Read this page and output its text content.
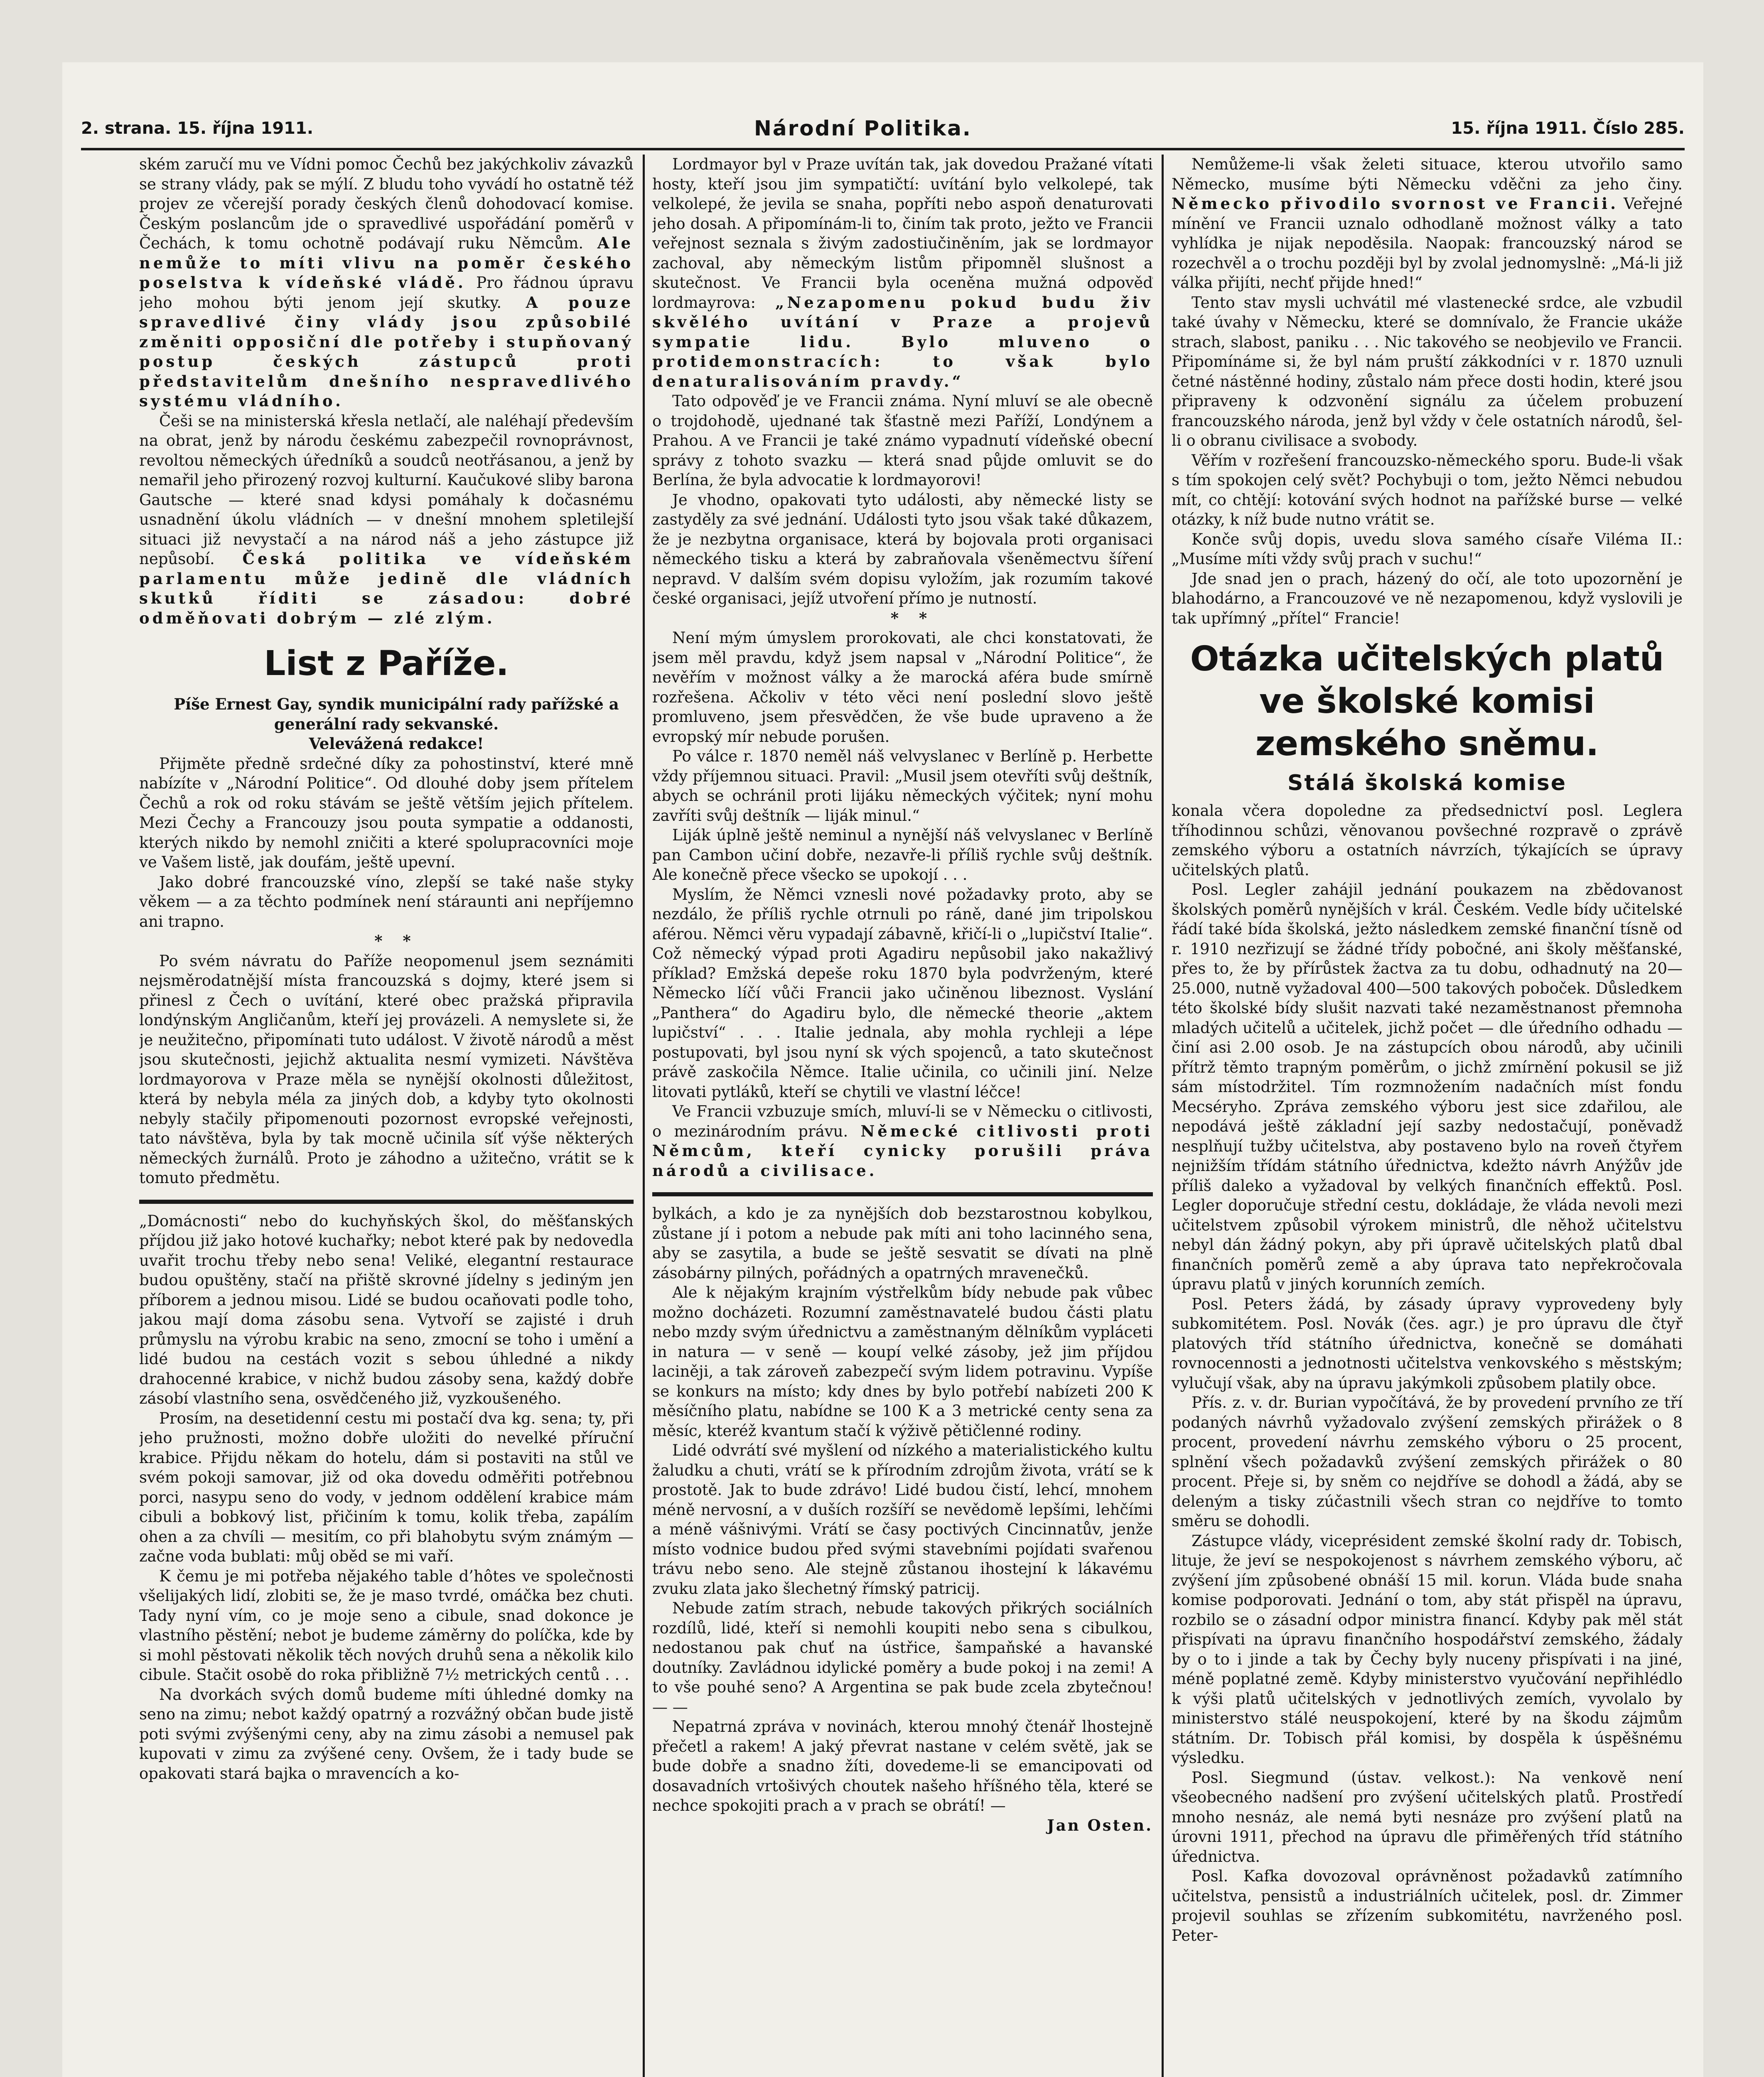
2. strana. 15. října 1911.	Národní Politika.	15. října 1911. Číslo 285.

ském zaručí mu ve Vídni pomoc Čechů bez jakýchkoliv závazků se strany vlády, pak se mýlí. Z bludu toho vyvádí ho ostatně též projev ze včerejší porady českých členů dohodovací komise. Českým poslancům jde o spravedlivé uspořádání poměrů v Čechách, k tomu ochotně podávají ruku Němcům. Ale nemůže to míti vlivu na poměr českého poselstva k vídeňské vládě. Pro řádnou úpravu jeho mohou býti jenom její skutky. A pouze spravedlivé činy vlády jsou způsobilé změniti opposiční dle potřeby i stupňovaný postup českých zástupců proti představitelům dnešního nespravedlivého systému vládního.

Češi se na ministerská křesla netlačí, ale naléhají především na obrat, jenž by národu českému zabezpečil rovnoprávnost, revoltou německých úředníků a soudců neotřásanou, a jenž by nemařil jeho přirozený rozvoj kulturní. Kaučukové sliby barona Gautsche — které snad kdysi pomáhaly k dočasnému usnadnění úkolu vládních — v dnešní mnohem spletilejší situaci již nevystačí a na národ náš a jeho zástupce již nepůsobí. Česká politika ve vídeňském parlamentu může jedině dle vládních skutků říditi se zásadou: dobré odměňovati dobrým — zlé zlým.

List z Paříže.

Píše Ernest Gay, syndik municipální rady pařížské a generální rady sekvanské.

Velevážená redakce!

Přijměte předně srdečné díky za pohostinství, které mně nabízíte v „Národní Politice“. Od dlouhé doby jsem přítelem Čechů a rok od roku stávám se ještě větším jejich přítelem. Mezi Čechy a Francouzy jsou pouta sympatie a oddanosti, kterých nikdo by nemohl zničiti a které spolupracovníci moje ve Vašem listě, jak doufám, ještě upevní.

Jako dobré francouzské víno, zlepší se také naše styky věkem — a za těchto podmínek není stáraunti ani nepříjemno ani trapno.

* *

Po svém návratu do Paříže neopomenul jsem seznámiti nejsměrodatnější místa francouzská s dojmy, které jsem si přinesl z Čech o uvítání, které obec pražská připravila londýnským Angličanům, kteří jej provázeli. A nemyslete si, že je neužitečno, připomínati tuto událost. V životě národů a měst jsou skutečnosti, jejichž aktualita nesmí vymizeti. Návštěva lordmayorova v Praze měla se nynější okolnosti důležitost, která by nebyla méla za jiných dob, a kdyby tyto okolnosti nebyly stačily připomenouti pozornost evropské veřejnosti, tato návštěva, byla by tak mocně učinila síť výše některých německých žurnálů. Proto je záhodno a užitečno, vrátit se k tomuto předmětu.

„Domácnosti“ nebo do kuchyňských škol, do měšťanských příjdou již jako hotové kuchařky; nebot které pak by nedovedla uvařit trochu třeby nebo sena! Veliké, elegantní restaurace budou opuštěny, stačí na přiště skrovné jídelny s jediným jen příborem a jednou misou. Lidé se budou ocaňovati podle toho, jakou mají doma zásobu sena. Vytvoří se zajisté i druh průmyslu na výrobu krabic na seno, zmocní se toho i umění a lidé budou na cestách vozit s sebou úhledné a nikdy drahocenné krabice, v nichž budou zásoby sena, každý dobře zásobí vlastního sena, osvědčeného již, vyzkoušeného.

Prosím, na desetidenní cestu mi postačí dva kg. sena; ty, při jeho pružnosti, možno dobře uložiti do nevelké příruční krabice. Přijdu někam do hotelu, dám si postaviti na stůl ve svém pokoji samovar, již od oka dovedu odměřiti potřebnou porci, nasypu seno do vody, v jednom oddělení krabice mám cibuli a bobkový list, přičiním k tomu, kolik třeba, zapálím ohen a za chvíli — mesitím, co při blahobytu svým známým — začne voda bublati: můj oběd se mi vaří.

K čemu je mi potřeba nějakého table d’hôtes ve společnosti všelijakých lidí, zlobiti se, že je maso tvrdé, omáčka bez chuti. Tady nyní vím, co je moje seno a cibule, snad dokonce je vlastního pěstění; nebot je budeme záměrny do políčka, kde by si mohl pěstovati několik těch nových druhů sena a několik kilo cibule. Stačit osobě do roka přibližně 7½ metrických centů . . .

Na dvorkách svých domů budeme míti úhledné domky na seno na zimu; nebot každý opatrný a rozvážný občan bude jistě poti svými zvýšenými ceny, aby na zimu zásobi a nemusel pak kupovati v zimu za zvýšené ceny. Ovšem, že i tady bude se opakovati stará bajka o mravencích a ko-

Lordmayor byl v Praze uvítán tak, jak dovedou Pražané vítati hosty, kteří jsou jim sympatičtí: uvítání bylo velkolepé, tak velkolepé, že jevila se snaha, popříti nebo aspoň denaturovati jeho dosah. A připomínám-li to, činím tak proto, ježto ve Francii veřejnost seznala s živým zadostiučiněním, jak se lordmayor zachoval, aby německým listům připomněl slušnost a skutečnost. Ve Francii byla oceněna mužná odpověď lordmayrova: „Nezapomenu pokud budu živ skvělého uvítání v Praze a projevů sympatie lidu. Bylo mluveno o protidemonstracích: to však bylo denaturalisováním pravdy.“

Tato odpověď je ve Francii známa. Nyní mluví se ale obecně o trojdohodě, ujednané tak šťastně mezi Paříží, Londýnem a Prahou. A ve Francii je také známo vypadnutí vídeňské obecní správy z tohoto svazku — která snad půjde omluvit se do Berlína, že byla advocatie k lordmayorovi!

Je vhodno, opakovati tyto události, aby německé listy se zastyděly za své jednání. Události tyto jsou však také důkazem, že je nezbytna organisace, která by bojovala proti organisaci německého tisku a která by zabraňovala všeněmectvu šíření nepravd. V dalším svém dopisu vyložím, jak rozumím takové české organisaci, jejíž utvoření přímo je nutností.

* *

Není mým úmyslem prorokovati, ale chci konstatovati, že jsem měl pravdu, když jsem napsal v „Národní Politice“, že nevěřím v možnost války a že marocká aféra bude smírně rozřešena. Ačkoliv v této věci není poslední slovo ještě promluveno, jsem přesvědčen, že vše bude upraveno a že evropský mír nebude porušen.

Po válce r. 1870 neměl náš velvyslanec v Berlíně p. Herbette vždy příjemnou situaci. Pravil: „Musil jsem otevříti svůj deštník, abych se ochránil proti lijáku německých výčitek; nyní mohu zavříti svůj deštník — liják minul.“

Liják úplně ještě neminul a nynější náš velvyslanec v Berlíně pan Cambon učiní dobře, nezavře-li příliš rychle svůj deštník. Ale konečně přece všecko se upokojí . . .

Myslím, že Němci vznesli nové požadavky proto, aby se nezdálo, že příliš rychle otrnuli po ráně, dané jim tripolskou aférou. Němci věru vypadají zábavně, křičí-li o „lupičství Italie“. Což německý výpad proti Agadiru nepůsobil jako nakažlivý příklad? Emžská depeše roku 1870 byla podvrženým, které Německo líčí vůči Francii jako učiněnou libeznost. Vyslání „Panthera“ do Agadiru bylo, dle německé theorie „aktem lupičství“ . . . Italie jednala, aby mohla rychleji a lépe postupovati, byl jsou nyní sk vých spojenců, a tato skutečnost právě zaskočila Němce. Italie učinila, co učinili jiní. Nelze litovati pytláků, kteří se chytili ve vlastní léčce!

Ve Francii vzbuzuje smích, mluví-li se v Německu o citlivosti, o mezinárodním právu. Německé citlivosti proti Němcům, kteří cynicky porušili práva národů a civilisace.

bylkách, a kdo je za nynějších dob bezstarostnou kobylkou, zůstane jí i potom a nebude pak míti ani toho lacinného sena, aby se zasytila, a bude se ještě sesvatit se dívati na plně zásobárny pilných, pořádných a opatrných mravenečků.

Ale k nějakým krajním výstřelkům bídy nebude pak vůbec možno docházeti. Rozumní zaměstnavatelé budou části platu nebo mzdy svým úřednictvu a zaměstnaným dělníkům vypláceti in natura — v seně — koupí velké zásoby, jež jim příjdou laciněji, a tak zároveň zabezpečí svým lidem potravinu. Vypíše se konkurs na místo; kdy dnes by bylo potřebí nabízeti 200 K měsíčního platu, nabídne se 100 K a 3 metrické centy sena za měsíc, kteréž kvantum stačí k výživě pětičlenné rodiny.

Lidé odvrátí své myšlení od nízkého a materialistického kultu žaludku a chuti, vrátí se k přírodním zdrojům života, vrátí se k prostotě. Jak to bude zdrávo! Lidé budou čistí, lehcí, mnohem méně nervosní, a v duších rozšíří se nevědomě lepšími, lehčími a méně vášnivými. Vrátí se časy poctivých Cincinnatův, jenže místo vodnice budou před svými stavebními pojídati svařenou trávu nebo seno. Ale stejně zůstanou ihostejní k lákavému zvuku zlata jako šlechetný římský patricij.

Nebude zatím strach, nebude takových přikrých sociálních rozdílů, lidé, kteří si nemohli koupiti nebo sena s cibulkou, nedostanou pak chuť na ústřice, šampaňské a havanské doutníky. Zavládnou idylické poměry a bude pokoj i na zemi! A to vše pouhé seno? A Argentina se pak bude zcela zbytečnou! — —

Nepatrná zpráva v novinách, kterou mnohý čtenář lhostejně přečetl a rakem! A jaký převrat nastane v celém světě, jak se bude dobře a snadno žíti, dovedeme-li se emancipovati od dosavadních vrtošivých choutek našeho hříšného těla, které se nechce spokojiti prach a v prach se obrátí! —

Jan Osten.

Nemůžeme-li však želeti situace, kterou utvořilo samo Německo, musíme býti Německu vděčni za jeho činy. Německo přivodilo svornost ve Francii. Veřejné mínění ve Francii uznalo odhodlaně možnost války a tato vyhlídka je nijak nepoděsila. Naopak: francouzský národ se rozechvěl a o trochu později byl by zvolal jednomyslně: „Má-li již válka přijíti, nechť přijde hned!“

Tento stav mysli uchvátil mé vlastenecké srdce, ale vzbudil také úvahy v Německu, které se domnívalo, že Francie ukáže strach, slabost, paniku . . . Nic takového se neobjevilo ve Francii. Připomínáme si, že byl nám pruští zákkodníci v r. 1870 uznuli četné nástěnné hodiny, zůstalo nám přece dosti hodin, které jsou připraveny k odzvonění signálu za účelem probuzení francouzského národa, jenž byl vždy v čele ostatních národů, šel-li o obranu civilisace a svobody.

Věřím v rozřešení francouzsko-německého sporu. Bude-li však s tím spokojen celý svět? Pochybuji o tom, ježto Němci nebudou mít, co chtějí: kotování svých hodnot na pařížské burse — velké otázky, k níž bude nutno vrátit se.

Konče svůj dopis, uvedu slova samého císaře Viléma II.: „Musíme míti vždy svůj prach v suchu!“

Jde snad jen o prach, házený do očí, ale toto upozornění je blahodárno, a Francouzové ve ně nezapomenou, když vyslovili je tak upřímný „přítel“ Francie!

Otázka učitelských platů ve školské komisi zemského sněmu.
Stálá školská komise

konala včera dopoledne za předsednictví posl. Leglera tříhodinnou schůzi, věnovanou povšechné rozpravě o zprávě zemského výboru a ostatních návrzích, týkajících se úpravy učitelských platů.

Posl. Legler zahájil jednání poukazem na zbědovanost školských poměrů nynějších v král. Českém. Vedle bídy učitelské řádí také bída školská, ježto následkem zemské finanční tísně od r. 1910 nezřizují se žádné třídy pobočné, ani školy měšťanské, přes to, že by přírůstek žactva za tu dobu, odhadnutý na 20—25.000, nutně vyžadoval 400—500 takových poboček. Důsledkem této školské bídy slušit nazvati také nezaměstnanost přemnoha mladých učitelů a učitelek, jichž počet — dle úředního odhadu — činí asi 2.00 osob. Je na zástupcích obou národů, aby učinili přítrž těmto trapným poměrům, o jichž zmírnění pokusil se již sám místodržitel. Tím rozmnožením nadačních míst fondu Mecséryho. Zpráva zemského výboru jest sice zdařilou, ale nepodává ještě základní její sazby nedostačují, poněvadž nesplňují tužby učitelstva, aby postaveno bylo na roveň čtyřem nejnižším třídám státního úřednictva, kdežto návrh Anýžův jde příliš daleko a vyžadoval by velkých finančních effektů. Posl. Legler doporučuje střední cestu, dokládaje, že vláda nevoli mezi učitelstvem způsobil výrokem ministrů, dle něhož učitelstvu nebyl dán žádný pokyn, aby při úpravě učitelských platů dbal finančních poměrů země a aby úprava tato nepřekročovala úpravu platů v jiných korunních zemích.

Posl. Peters žádá, by zásady úpravy vyprovedeny byly subkomitétem. Posl. Novák (čes. agr.) je pro úpravu dle čtyř platových tříd státního úřednictva, konečně se domáhati rovnocennosti a jednotnosti učitelstva venkovského s městským; vylučují však, aby na úpravu jakýmkoli způsobem platily obce.

Přís. z. v. dr. Burian vypočítává, že by provedení prvního ze tří podaných návrhů vyžadovalo zvýšení zemských přirážek o 8 procent, provedení návrhu zemského výboru o 25 procent, splnění všech požadavků zvýšení zemských přirážek o 80 procent. Přeje si, by sněm co nejdříve se dohodl a žádá, aby se deleným a tisky zúčastnili všech stran co nejdříve to tomto směru se dohodli.

Zástupce vlády, viceprésident zemské školní rady dr. Tobisch, lituje, že jeví se nespokojenost s návrhem zemského výboru, ač zvýšení jím způsobené obnáší 15 mil. korun. Vláda bude snaha komise podporovati. Jednání o tom, aby stát přispěl na úpravu, rozbilo se o zásadní odpor ministra financí. Kdyby pak měl stát přispívati na úpravu finančního hospodářství zemského, žádaly by o to i jinde a tak by Čechy byly nuceny přispívati i na jiné, méně poplatné země. Kdyby ministerstvo vyučování nepřihlédlo k výši platů učitelských v jednotlivých zemích, vyvolalo by ministerstvo stálé neuspokojení, které by na škodu zájmům státním. Dr. Tobisch přál komisi, by dospěla k úspěšnému výsledku.

Posl. Siegmund (ústav. velkost.): Na venkově není všeobecného nadšení pro zvýšení učitelských platů. Prostředí mnoho nesnáz, ale nemá byti nesnáze pro zvýšení platů na úrovni 1911, přechod na úpravu dle přiměřených tříd státního úřednictva.

Posl. Kafka dovozoval oprávněnost požadavků zatímního učitelstva, pensistů a industriálních učitelek, posl. dr. Zimmer projevil souhlas se zřízením subkomitétu, navrženého posl. Peter-
